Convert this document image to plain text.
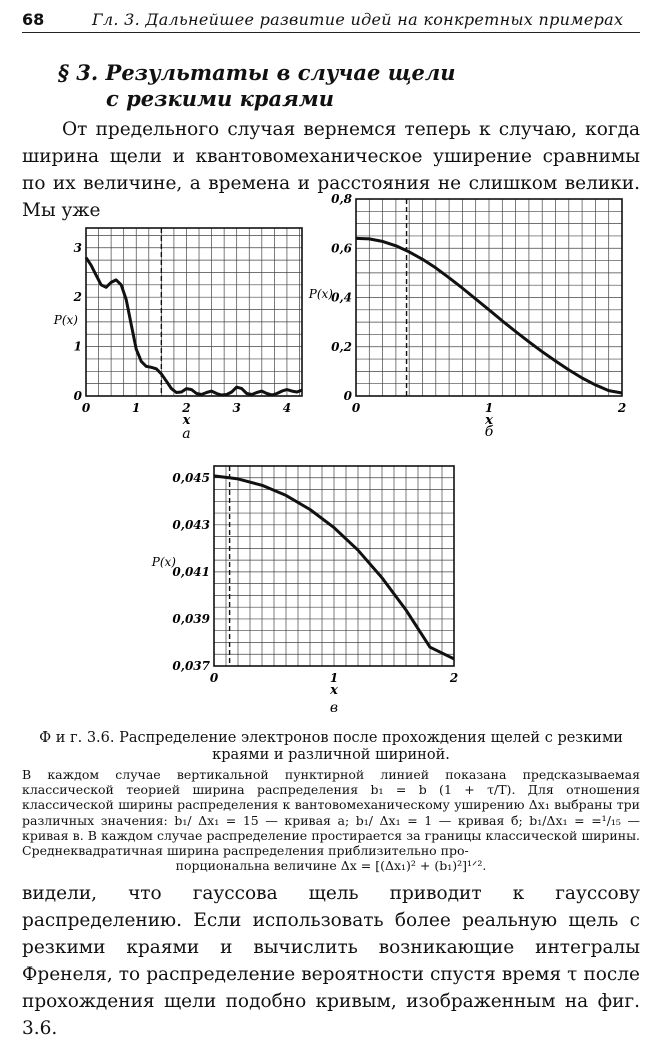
68	Гл. 3. Дальнейшее развитие идей на конкретных примерах
§ 3. Результаты в случае щели
с резкими краями
От предельного случая вернемся теперь к случаю, когда ширина щели и квантовомеханическое уширение сравнимы по их величине, а времена и расстояния не слишком велики. Мы уже
0	1	2	3	4
0
1
2
3
x
P(x)
а
0	1	2
0
0,2
0,4
0,6
0,8
x
P(x)
б
0	1	2
0,037
0,039
0,041
0,043
0,045
x
P(x)
в
Ф и г. 3.6. Распределение электронов после прохождения щелей с резкими краями и различной шириной.
В каждом случае вертикальной пунктирной линией показана предсказываемая классической теорией ширина распределения b₁ = b (1 + τ/T). Для отношения классической ширины распределения к вантовомеханическому уширению Δx₁ выбраны три различных значения: b₁/ Δx₁ = 15 — кривая а; b₁/ Δx₁ = 1 — кривая б; b₁/Δx₁ = =¹/₁₅ — кривая в. В каждом случае распределение простирается за границы классической ширины. Среднеквадратичная ширина распределения приблизительно про-
порциональна величине Δx = [(Δx₁)² + (b₁)²]¹ᐟ².
видели, что гауссова щель приводит к гауссову распределению. Если использовать более реальную щель с резкими краями и вычислить возникающие интегралы Френеля, то распределение вероятности спустя время τ после прохождения щели подобно кривым, изображенным на фиг. 3.6.
